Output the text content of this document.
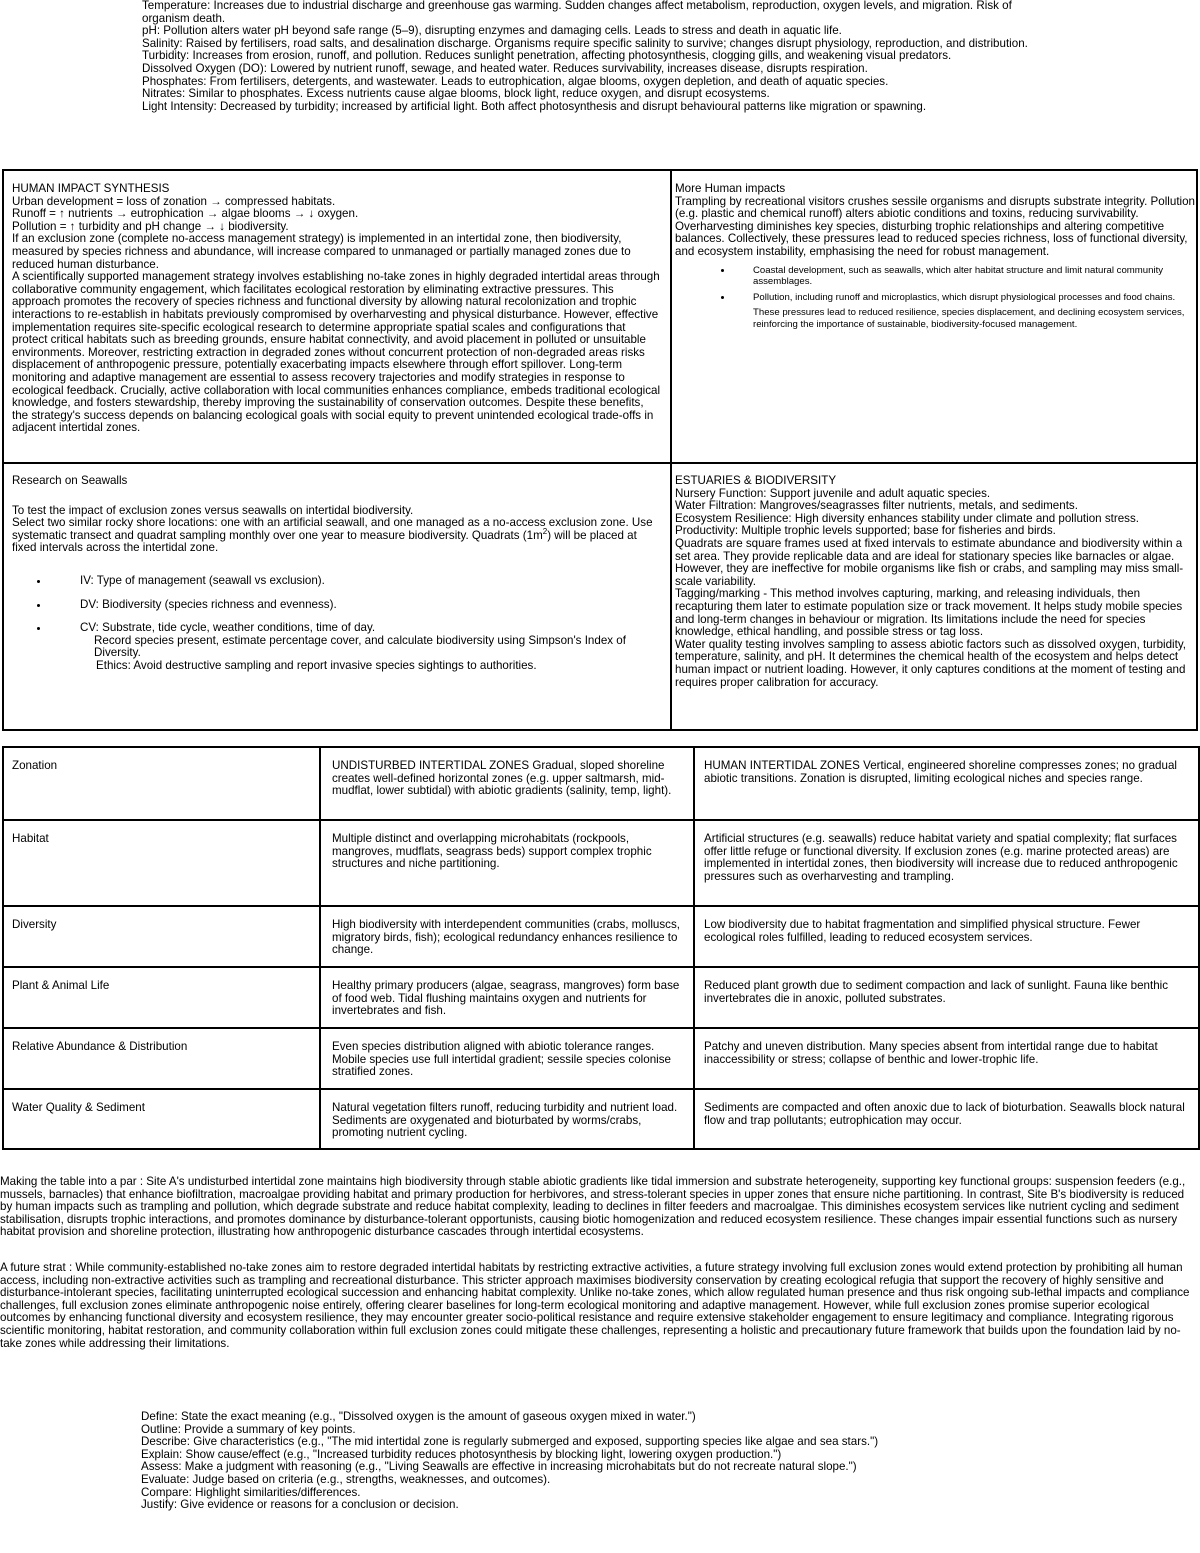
Temperature: Increases due to industrial discharge and greenhouse gas warming. Sudden changes affect metabolism, reproduction, oxygen levels, and migration. Risk of organism death.

pH: Pollution alters water pH beyond safe range (5–9), disrupting enzymes and damaging cells. Leads to stress and death in aquatic life.

Salinity: Raised by fertilisers, road salts, and desalination discharge. Organisms require specific salinity to survive; changes disrupt physiology, reproduction, and distribution.

Turbidity: Increases from erosion, runoff, and pollution. Reduces sunlight penetration, affecting photosynthesis, clogging gills, and weakening visual predators.

Dissolved Oxygen (DO): Lowered by nutrient runoff, sewage, and heated water. Reduces survivability, increases disease, disrupts respiration.

Phosphates: From fertilisers, detergents, and wastewater. Leads to eutrophication, algae blooms, oxygen depletion, and death of aquatic species.

Nitrates: Similar to phosphates. Excess nutrients cause algae blooms, block light, reduce oxygen, and disrupt ecosystems.

Light Intensity: Decreased by turbidity; increased by artificial light. Both affect photosynthesis and disrupt behavioural patterns like migration or spawning.

HUMAN IMPACT SYNTHESIS

Urban development = loss of zonation → compressed habitats.

Runoff = ↑ nutrients → eutrophication → algae blooms → ↓ oxygen.

Pollution = ↑ turbidity and pH change → ↓ biodiversity.

If an exclusion zone (complete no-access management strategy) is implemented in an intertidal zone, then biodiversity, measured by species richness and abundance, will increase compared to unmanaged or partially managed zones due to reduced human disturbance.

A scientifically supported management strategy involves establishing no-take zones in highly degraded intertidal areas through collaborative community engagement, which facilitates ecological restoration by eliminating extractive pressures. This approach promotes the recovery of species richness and functional diversity by allowing natural recolonization and trophic interactions to re-establish in habitats previously compromised by overharvesting and physical disturbance. However, effective implementation requires site-specific ecological research to determine appropriate spatial scales and configurations that protect critical habitats such as breeding grounds, ensure habitat connectivity, and avoid placement in polluted or unsuitable environments. Moreover, restricting extraction in degraded zones without concurrent protection of non-degraded areas risks displacement of anthropogenic pressure, potentially exacerbating impacts elsewhere through effort spillover. Long-term monitoring and adaptive management are essential to assess recovery trajectories and modify strategies in response to ecological feedback. Crucially, active collaboration with local communities enhances compliance, embeds traditional ecological knowledge, and fosters stewardship, thereby improving the sustainability of conservation outcomes. Despite these benefits, the strategy's success depends on balancing ecological goals with social equity to prevent unintended ecological trade-offs in adjacent intertidal zones.

More Human impacts

Trampling by recreational visitors crushes sessile organisms and disrupts substrate integrity. Pollution (e.g. plastic and chemical runoff) alters abiotic conditions and toxins, reducing survivability. Overharvesting diminishes key species, disturbing trophic relationships and altering competitive balances. Collectively, these pressures lead to reduced species richness, loss of functional diversity, and ecosystem instability, emphasising the need for robust management.

• Coastal development, such as seawalls, which alter habitat structure and limit natural community assemblages.
• Pollution, including runoff and microplastics, which disrupt physiological processes and food chains.

These pressures lead to reduced resilience, species displacement, and declining ecosystem services, reinforcing the importance of sustainable, biodiversity-focused management.

Research on Seawalls

To test the impact of exclusion zones versus seawalls on intertidal biodiversity.

Select two similar rocky shore locations: one with an artificial seawall, and one managed as a no-access exclusion zone. Use systematic transect and quadrat sampling monthly over one year to measure biodiversity. Quadrats $(1m^2)$ will be placed at fixed intervals across the intertidal zone.

• IV: Type of management (seawall vs exclusion).
• DV: Biodiversity (species richness and evenness).
• CV: Substrate, tide cycle, weather conditions, time of day.

Record species present, estimate percentage cover, and calculate biodiversity using Simpson's Index of Diversity.

Ethics: Avoid destructive sampling and report invasive species sightings to authorities.

ESTUARIES & BIODIVERSITY

Nursery Function: Support juvenile and adult aquatic species.

Water Filtration: Mangroves/seagrasses filter nutrients, metals, and sediments.

Ecosystem Resilience: High diversity enhances stability under climate and pollution stress.

Productivity: Multiple trophic levels supported; base for fisheries and birds.

Quadrats are square frames used at fixed intervals to estimate abundance and biodiversity within a set area. They provide replicable data and are ideal for stationary species like barnacles or algae. However, they are ineffective for mobile organisms like fish or crabs, and sampling may miss small-scale variability.

Tagging/marking - This method involves capturing, marking, and releasing individuals, then recapturing them later to estimate population size or track movement. It helps study mobile species and long-term changes in behaviour or migration. Its limitations include the need for species knowledge, ethical handling, and possible stress or tag loss.

Water quality testing involves sampling to assess abiotic factors such as dissolved oxygen, turbidity, temperature, salinity, and pH. It determines the chemical health of the ecosystem and helps detect human impact or nutrient loading. However, it only captures conditions at the moment of testing and requires proper calibration for accuracy.

Zonation	UNDISTURBED INTERTIDAL ZONES Gradual, sloped shoreline creates well-defined horizontal zones (e.g. upper saltmarsh, mid-mudflat, lower subtidal) with abiotic gradients (salinity, temp, light).	HUMAN INTERTIDAL ZONES Vertical, engineered shoreline compresses zones; no gradual abiotic transitions. Zonation is disrupted, limiting ecological niches and species range.
Habitat	Multiple distinct and overlapping microhabitats (rockpools, mangroves, mudflats, seagrass beds) support complex trophic structures and niche partitioning.	Artificial structures (e.g. seawalls) reduce habitat variety and spatial complexity; flat surfaces offer little refuge or functional diversity. If exclusion zones (e.g. marine protected areas) are implemented in intertidal zones, then biodiversity will increase due to reduced anthropogenic pressures such as overharvesting and trampling.
Diversity	High biodiversity with interdependent communities (crabs, molluscs, migratory birds, fish); ecological redundancy enhances resilience to change.	Low biodiversity due to habitat fragmentation and simplified physical structure. Fewer ecological roles fulfilled, leading to reduced ecosystem services.
Plant & Animal Life	Healthy primary producers (algae, seagrass, mangroves) form base of food web. Tidal flushing maintains oxygen and nutrients for invertebrates and fish.	Reduced plant growth due to sediment compaction and lack of sunlight. Fauna like benthic invertebrates die in anoxic, polluted substrates.
Relative Abundance & Distribution	Even species distribution aligned with abiotic tolerance ranges. Mobile species use full intertidal gradient; sessile species colonise stratified zones.	Patchy and uneven distribution. Many species absent from intertidal range due to habitat inaccessibility or stress; collapse of benthic and lower-trophic life.
Water Quality & Sediment	Natural vegetation filters runoff, reducing turbidity and nutrient load. Sediments are oxygenated and bioturbated by worms/crabs, promoting nutrient cycling.	Sediments are compacted and often anoxic due to lack of bioturbation. Seawalls block natural flow and trap pollutants; eutrophication may occur.

Making the table into a par : Site A's undisturbed intertidal zone maintains high biodiversity through stable abiotic gradients like tidal immersion and substrate heterogeneity, supporting key functional groups: suspension feeders (e.g., mussels, barnacles) that enhance biofiltration, macroalgae providing habitat and primary production for herbivores, and stress-tolerant species in upper zones that ensure niche partitioning. In contrast, Site B's biodiversity is reduced by human impacts such as trampling and pollution, which degrade substrate and reduce habitat complexity, leading to declines in filter feeders and macroalgae. This diminishes ecosystem services like nutrient cycling and sediment stabilisation, disrupts trophic interactions, and promotes dominance by disturbance-tolerant opportunists, causing biotic homogenization and reduced ecosystem resilience. These changes impair essential functions such as nursery habitat provision and shoreline protection, illustrating how anthropogenic disturbance cascades through intertidal ecosystems.

A future strat : While community-established no-take zones aim to restore degraded intertidal habitats by restricting extractive activities, a future strategy involving full exclusion zones would extend protection by prohibiting all human access, including non-extractive activities such as trampling and recreational disturbance. This stricter approach maximises biodiversity conservation by creating ecological refugia that support the recovery of highly sensitive and disturbance-intolerant species, facilitating uninterrupted ecological succession and enhancing habitat complexity. Unlike no-take zones, which allow regulated human presence and thus risk ongoing sub-lethal impacts and compliance challenges, full exclusion zones eliminate anthropogenic noise entirely, offering clearer baselines for long-term ecological monitoring and adaptive management. However, while full exclusion zones promise superior ecological outcomes by enhancing functional diversity and ecosystem resilience, they may encounter greater socio-political resistance and require extensive stakeholder engagement to ensure legitimacy and compliance. Integrating rigorous scientific monitoring, habitat restoration, and community collaboration within full exclusion zones could mitigate these challenges, representing a holistic and precautionary future framework that builds upon the foundation laid by no-take zones while addressing their limitations.

Define: State the exact meaning (e.g., "Dissolved oxygen is the amount of gaseous oxygen mixed in water.")

Outline: Provide a summary of key points.

Describe: Give characteristics (e.g., "The mid intertidal zone is regularly submerged and exposed, supporting species like algae and sea stars.")

Explain: Show cause/effect (e.g., "Increased turbidity reduces photosynthesis by blocking light, lowering oxygen production.")

Assess: Make a judgment with reasoning (e.g., "Living Seawalls are effective in increasing microhabitats but do not recreate natural slope.")

Evaluate: Judge based on criteria (e.g., strengths, weaknesses, and outcomes).

Compare: Highlight similarities/differences.

Justify: Give evidence or reasons for a conclusion or decision.
